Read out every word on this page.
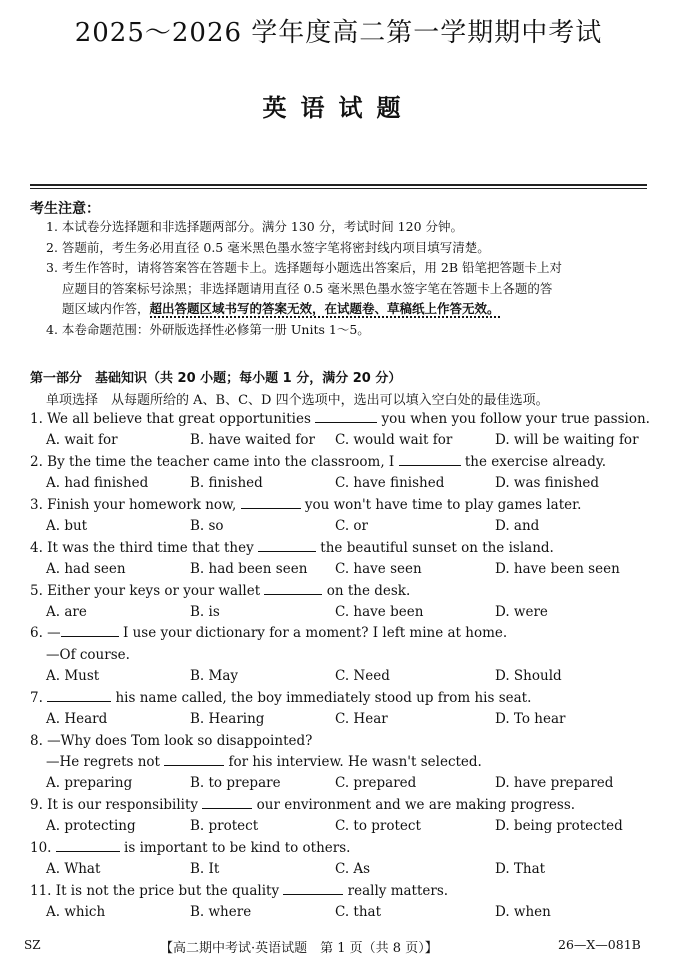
2025～2026 学年度高二第一学期期中考试
英语试题
考生注意：
1. 本试卷分选择题和非选择题两部分。满分 130 分，考试时间 120 分钟。
2. 答题前，考生务必用直径 0.5 毫米黑色墨水签字笔将密封线内项目填写清楚。
3. 考生作答时，请将答案答在答题卡上。选择题每小题选出答案后，用 2B 铅笔把答题卡上对
应题目的答案标号涂黑；非选择题请用直径 0.5 毫米黑色墨水签字笔在答题卡上各题的答
题区域内作答，超出答题区域书写的答案无效，在试题卷、草稿纸上作答无效。
4. 本卷命题范围：外研版选择性必修第一册 Units 1～5。
第一部分　基础知识（共 20 小题；每小题 1 分，满分 20 分）
单项选择　从每题所给的 A、B、C、D 四个选项中，选出可以填入空白处的最佳选项。
1. We all believe that great opportunities	you when you follow your true passion.
A. wait for	B. have waited for C. would wait for	D. will be waiting for
2. By the time the teacher came into the classroom, I	the exercise already.
A. had finished	B. finished	C. have finished	D. was finished
3. Finish your homework now,	you won't have time to play games later.
A. but	B. so	C. or	D. and
4. It was the third time that they	the beautiful sunset on the island.
A. had seen	B. had been seen C. have seen	D. have been seen
5. Either your keys or your wallet	on the desk.
A. are	B. is	C. have been	D. were
6. —	I use your dictionary for a moment? I left mine at home.
—Of course.
A. Must	B. May	C. Need	D. Should
7.	his name called, the boy immediately stood up from his seat.
A. Heard	B. Hearing	C. Hear	D. To hear
8. —Why does Tom look so disappointed?
—He regrets not	for his interview. He wasn't selected.
A. preparing	B. to prepare	C. prepared	D. have prepared
9. It is our responsibility	our environment and we are making progress.
A. protecting	B. protect	C. to protect	D. being protected
10.	is important to be kind to others.
A. What	B. It	C. As	D. That
11. It is not the price but the quality	really matters.
A. which	B. where	C. that	D. when
SZ	【高二期中考试·英语试题　第 1 页（共 8 页）】	26—X—081B
